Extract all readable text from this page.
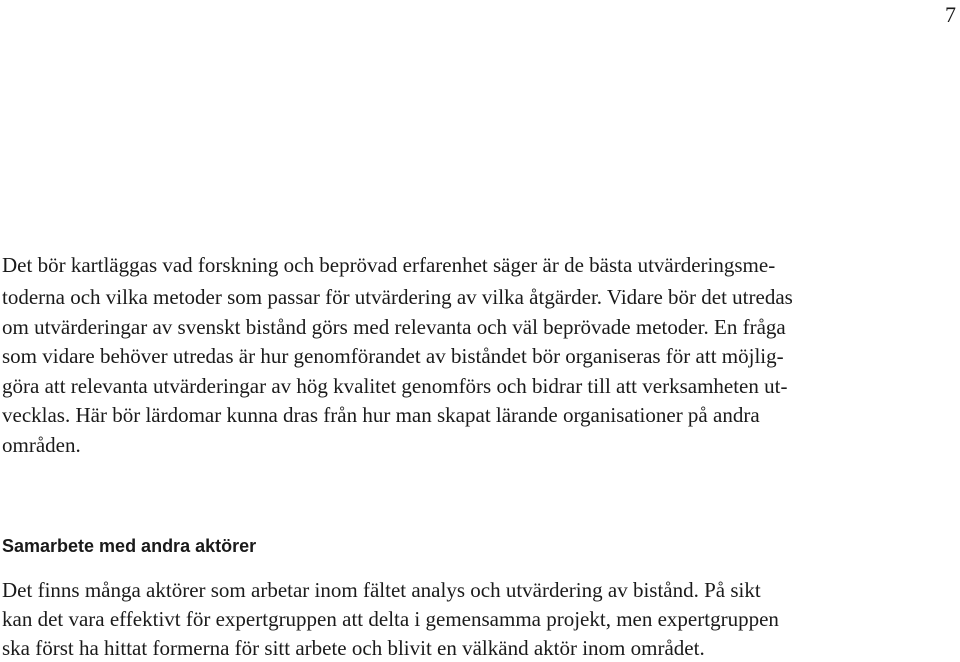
7
Det bör kartläggas vad forskning och beprövad erfarenhet säger är de bästa utvärderingsme-
toderna och vilka metoder som passar för utvärdering av vilka åtgärder. Vidare bör det utredas
om utvärderingar av svenskt bistånd görs med relevanta och väl beprövade metoder. En fråga
som vidare behöver utredas är hur genomförandet av biståndet bör organiseras för att möjlig-
göra att relevanta utvärderingar av hög kvalitet genomförs och bidrar till att verksamheten ut-
vecklas. Här bör lärdomar kunna dras från hur man skapat lärande organisationer på andra
områden.
Samarbete med andra aktörer
Det finns många aktörer som arbetar inom fältet analys och utvärdering av bistånd. På sikt
kan det vara effektivt för expertgruppen att delta i gemensamma projekt, men expertgruppen
ska först ha hittat formerna för sitt arbete och blivit en välkänd aktör inom området.
